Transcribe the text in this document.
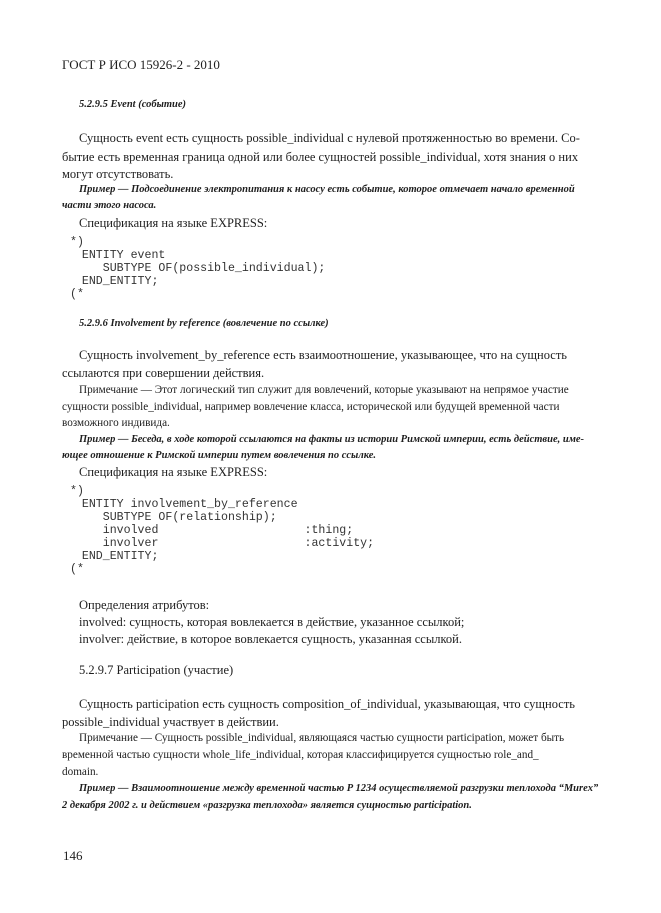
ГОСТ Р ИСО 15926-2 - 2010
5.2.9.5 Event (событие)
Сущность event есть сущность possible_individual с нулевой протяженностью во времени. Со-
бытие есть временная граница одной или более сущностей possible_individual, хотя знания о них
могут отсутствовать.
Пример — Подсоединение электропитания к насосу есть событие, которое отмечает начало временной
части этого насоса.
Спецификация на языке EXPRESS:
*)
ENTITY event
SUBTYPE OF(possible_individual);
END_ENTITY;
(*
5.2.9.6 Involvement by reference (вовлечение по ссылке)
Сущность involvement_by_reference есть взаимоотношение, указывающее, что на сущность
ссылаются при совершении действия.
Примечание — Этот логический тип служит для вовлечений, которые указывают на непрямое участие
сущности possible_individual, например вовлечение класса, исторической или будущей временной части
возможного индивида.
Пример — Беседа, в ходе которой ссылаются на факты из истории Римской империи, есть действие, име-
ющее отношение к Римской империи путем вовлечения по ссылке.
Спецификация на языке EXPRESS:
*)
ENTITY involvement_by_reference
SUBTYPE OF(relationship);
involved                     :thing;
involver                     :activity;
END_ENTITY;
(*
Определения атрибутов:
involved: сущность, которая вовлекается в действие, указанное ссылкой;
involver: действие, в которое вовлекается сущность, указанная ссылкой.
5.2.9.7 Participation (участие)
Сущность participation есть сущность composition_of_individual, указывающая, что сущность
possible_individual участвует в действии.
Примечание — Сущность possible_individual, являющаяся частью сущности participation, может быть
временной частью сущности whole_life_individual, которая классифицируется сущностью role_and_
domain.
Пример — Взаимоотношение между временной частью P 1234 осуществляемой разгрузки теплохода “Murex”
2 декабря 2002 г. и действием «разгрузка теплохода» является сущностью participation.
146
